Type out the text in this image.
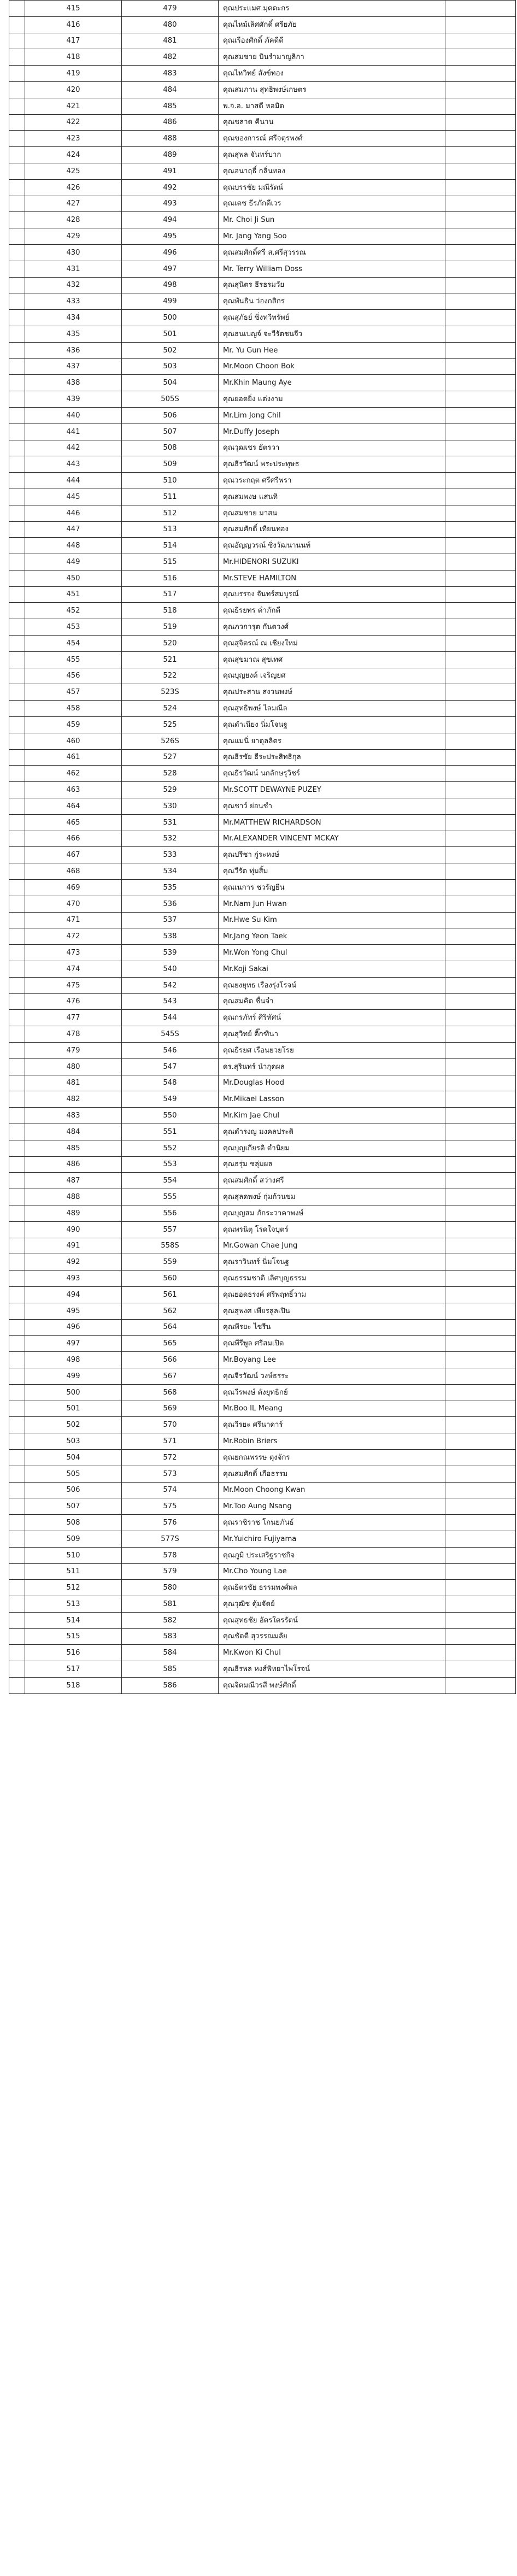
	415	479	คุณประแมศ มุดดะกร	
	416	480	คุณไหม้เลิศศักดิ์ ศรียภัย	
	417	481	คุณเรืองศักดิ์ ภัคดีดี	
	418	482	คุณสมชาย บินรำมาญลิกา	
	419	483	คุณไหวิทย์ สังข์ทอง	
	420	484	คุณสมภาน สุทธิพงษ์เกษตร	
	421	485	พ.จ.อ. มาสดี หอมิด	
	422	486	คุณชลาด คีนาน	
	423	488	คุณของการณ์ ศรีจตุรพงศ์	
	424	489	คุณสุพล จันทร์บาก	
	425	491	คุณอนาฤธิ์ กลิ่นทอง	
	426	492	คุณบรรชัย มณีรัตน์	
	427	493	คุณเดช ธีรภักดีเวร	
	428	494	Mr. Choi Ji Sun	
	429	495	Mr. Jang Yang Soo	
	430	496	คุณสมศักดิ์ศรี ส.ศรีสุวรรณ	
	431	497	Mr. Terry William Doss	
	432	498	คุณสุนิตร ธีรธรมวัย	
	433	499	คุณพันธิน ว่องกสิกร	
	434	500	คุณสุภัธย์ ซิ่งทวีทรัพย์	
	435	501	คุณธนเบญจ์ จะวีรัตชนจีว	
	436	502	Mr. Yu Gun Hee	
	437	503	Mr.Moon Choon Bok	
	438	504	Mr.Khin Maung Aye	
	439	505S	คุณยอดยิ่ง แต่งงาม	
	440	506	Mr.Lim Jong Chil	
	441	507	Mr.Duffy Joseph	
	442	508	คุณวุฒเชร ยัตรวา	
	443	509	คุณธีรวัฒน์ พระประทุษธ	
	444	510	คุณวระกฤต ศรีศรีพรา	
	445	511	คุณสมพงษ แสนทิ	
	446	512	คุณสมชาย มาสน	
	447	513	คุณสมศักดิ์ เทียนทอง	
	448	514	คุณอัญญวรณ์ ซิ่งวัฒนานนท์	
	449	515	Mr.HIDENORI SUZUKI	
	450	516	Mr.STEVE HAMILTON	
	451	517	คุณบรรจง จันทร์สมบูรณ์	
	452	518	คุณธีรยทร ดำภักดี	
	453	519	คุณภวการุต กันตวงศ์	
	454	520	คุณสุจิตรณ์ ณ เชียงใหม่	
	455	521	คุณสุขมาณ สุขเทศ	
	456	522	คุณบุญยงค์ เจริญยศ	
	457	523S	คุณประสาน สงวนพงษ์	
	458	524	คุณสุทธิพงษ์ ไลมณีล	
	459	525	คุณดำเนียง นิ่มโจนฐ	
	460	526S	คุณแมนิ่ ยาดุลลิตร	
	461	527	คุณธีรชัย ธีระประสิทธิกุล	
	462	528	คุณธีรวัฒน์ นกลักษรุวิชร์	
	463	529	Mr.SCOTT DEWAYNE PUZEY	
	464	530	คุณชาว์ ย่อนชำ	
	465	531	Mr.MATTHEW RICHARDSON	
	466	532	Mr.ALEXANDER VINCENT MCKAY	
	467	533	คุณปรีชา กู่ระหงษ์	
	468	534	คุณวีรัต ทุ่มสิ้ม	
	469	535	คุณเนการ ชวรัญยีน	
	470	536	Mr.Nam Jun Hwan	
	471	537	Mr.Hwe Su Kim	
	472	538	Mr.Jang Yeon Taek	
	473	539	Mr.Won Yong Chul	
	474	540	Mr.Koji Sakai	
	475	542	คุณยงยุทธ เรืองรุ่งโรจน์	
	476	543	คุณสมคิด ชื่นจำ	
	477	544	คุณกรภัทร์ ศิริทัศน์	
	478	545S	คุณสุวิทย์ ติ๊กฑินา	
	479	546	คุณธีรยศ เรือนยวยโรย	
	480	547	ดร.สุรินทร์ นำกุดผล	
	481	548	Mr.Douglas Hood	
	482	549	Mr.Mikael Lasson	
	483	550	Mr.Kim Jae Chul	
	484	551	คุณดำรงญ มงคลประดิ	
	485	552	คุณบุญเกียรติ ดำนิยม	
	486	553	คุณธรุ่ม ชลุ่มผล	
	487	554	คุณสมศักดิ์ สว่างศรี	
	488	555	คุณสุลดพงษ์ กุ่มก้วนขม	
	489	556	คุณบุญสม ภักระวาคาพงษ์	
	490	557	คุณพรนิตุ โรคใจบุตร์	
	491	558S	Mr.Gowan Chae Jung	
	492	559	คุณราวินทร์ นิ่มโจนฐ	
	493	560	คุณธรรมชาติ เลิศบุญธรรม	
	494	561	คุณยอดธรงค์ ศรีพฤทธิ์วาม	
	495	562	คุณสุพงศ เพียรลูลเปิน	
	496	564	คุณพีรยะ ไชรีน	
	497	565	คุณพีรีพูล ศรีสมเปิด	
	498	566	Mr.Boyang Lee	
	499	567	คุณจีรวัฒน์ วงษ์ธรระ	
	500	568	คุณวีรพงษ์ ตังยุทธิกย์	
	501	569	Mr.Boo IL Meang	
	502	570	คุณวีรยะ ศรีนาดาร์	
	503	571	Mr.Robin Briers	
	504	572	คุณยกณพรรษ ตุงจักร	
	505	573	คุณสมศักดิ์ เกือธรรม	
	506	574	Mr.Moon Choong Kwan	
	507	575	Mr.Too Aung Nsang	
	508	576	คุณราชิราช โกนยภันธ์	
	509	577S	Mr.Yuichiro Fujiyama	
	510	578	คุณภูมิ ประเสริฐราชกิจ	
	511	579	Mr.Cho Young Lae	
	512	580	คุณธิตรชัย ธรรมพงศ์ผล	
	513	581	คุณวุฒิช ดุ้มจัดย์	
	514	582	คุณสุทธชัย อัดรใตรรัตน์	
	515	583	คุณชัดดี สุวรรณมลัย	
	516	584	Mr.Kwon Ki Chul	
	517	585	คุณธีรพล หงส์พิทยาไพโรจน์	
	518	586	คุณจิตมณีวรสี พงษ์ศักดิ์	
